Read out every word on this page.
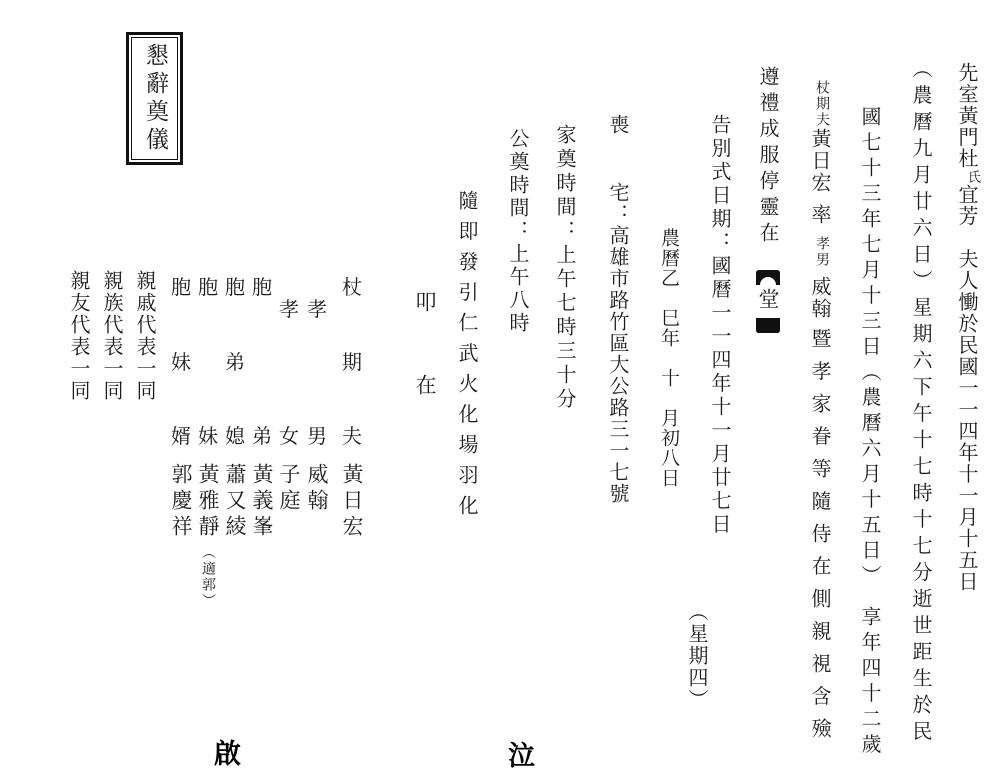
懇辭奠儀	先室黃門杜氏宜芳　夫人慟於民國一一四年十一月十五日
（農曆九月廿六日）星期六下午十七時十七分逝世距生於民
國七十三年七月十三日（農曆六月十五日）　享年四十二歲
杖期夫黃日宏率孝男威翰暨孝家眷等隨侍在側親視含殮
遵禮成服停靈在堂
告別式日期：國曆一一四年十一月廿七日
（星期四）
農曆乙　巳年　十　月初八日
喪宅：高雄市路竹區大公路三一七號
家奠時間：上午七時三十分
公奠時間：上午八時
隨即發引仁武火化場羽化
叩在
杖
期
夫
黃日宏
孝
男
威翰
孝
女
子庭
胞
弟
黃義峯
胞
弟
媳
蕭又綾
胞
妹
黃雅靜
（適郭）
胞
妹
婿
郭慶祥
親戚代表一同
親族代表一同
親友代表一同
泣
啟
